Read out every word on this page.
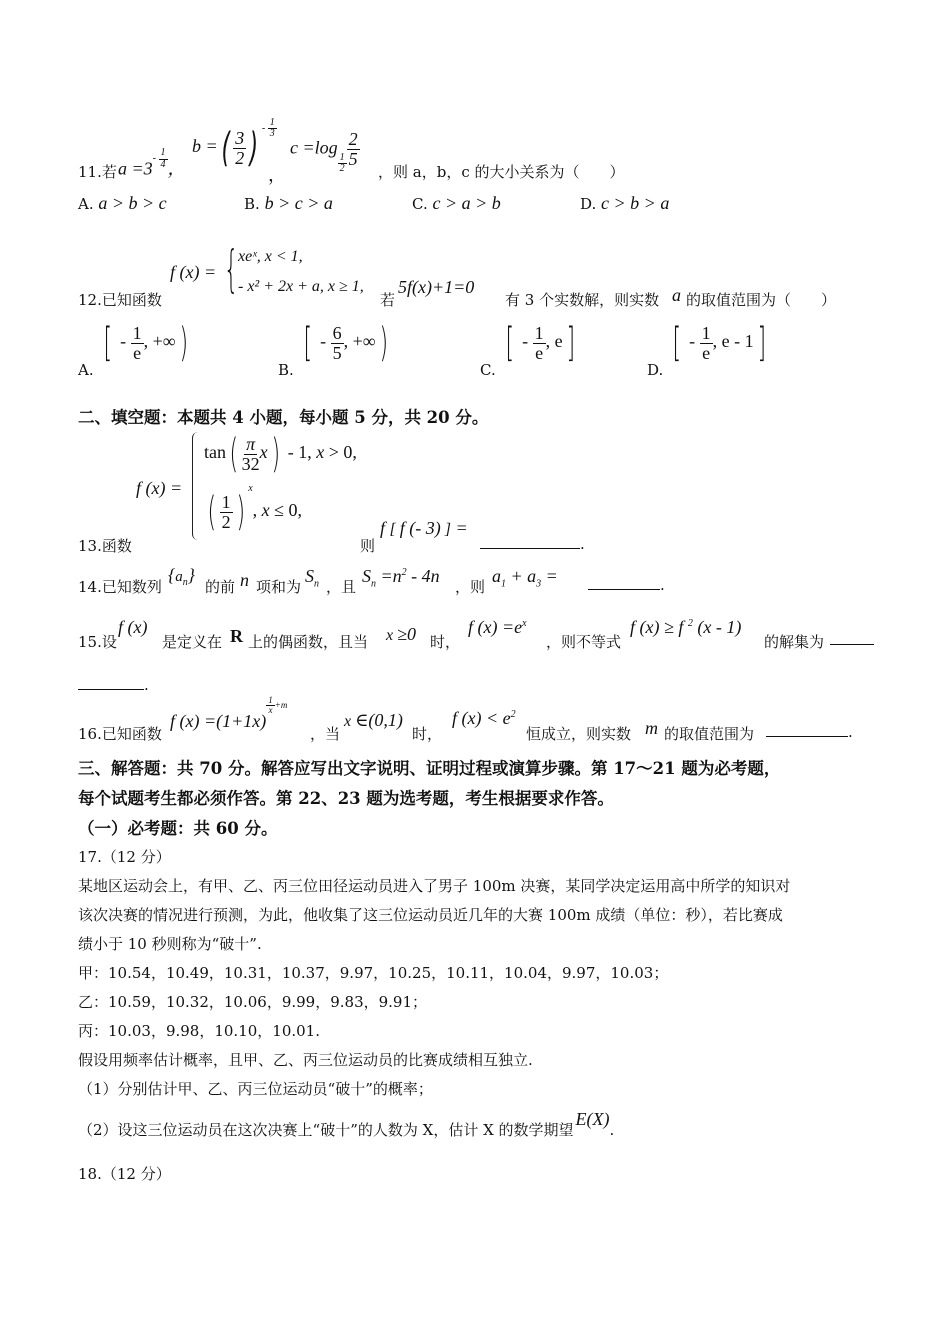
11.若 $a =3^{- \frac{1}{4}}$ ，
b =( $\frac{3}{2}$ ) $^{- \frac{1}{3}}$
，
c =log
$_{\frac{1}{2}} \frac{2}{5}$
，则 a，b，c 的大小关系为（　　）
A. a > b > c	B. b > c > a	C. c > a > b	D. c > b > a
12.已知函数
f (x) = { xeˣ, x < 1,
- x² + 2x + a, x ≥ 1,
若
5f(x)+1=0
有 3 个实数解，则实数 a 的取值范围为（　　）
A.
[ - $\frac{1}{e}$ , +∞)
B.
[ - $\frac{6}{5}$ , +∞)
C.
[ - $\frac{1}{e}$ , e]
D.
[ - $\frac{1}{e}$ , e - 1]
二、填空题：本题共 4 小题，每小题 5 分，共 20 分。
f (x) =
$\tan( \frac{\pi}{32} x) - 1$, x > 0,
( $\frac{1}{2} )^x$, x ≤ 0,
13.函数	则
f [ f (- 3) ] =
.
14.已知数列
$\{a_n\}$
的前 n 项和为
$S_n$ ，且
$S_n =n^2 - 4n$
，则
$a_1 + a_3$ =	.
15.设
f (x)
是定义在 R 上的偶函数，且当 x ≥0 时，
f $(x) =e^x$
，则不等式
f (x) ≥ f $^2$ (x - 1)
的解集为
.
16.已知函数
f (x) =(1+1x)
$^{\frac{1}{x} +m}$
，当
x ∈(0,1)
时，
f $(x) < e^2$
恒成立，则实数 m 的取值范围为	.
三、解答题：共 70 分。解答应写出文字说明、证明过程或演算步骤。第 17～21 题为必考题，
每个试题考生都必须作答。第 22、23 题为选考题，考生根据要求作答。
（一）必考题：共 60 分。
17.（12 分）
某地区运动会上，有甲、乙、丙三位田径运动员进入了男子 100m 决赛，某同学决定运用高中所学的知识对
该次决赛的情况进行预测，为此，他收集了这三位运动员近几年的大赛 100m 成绩（单位：秒），若比赛成
绩小于 10 秒则称为“破十”.
甲：10.54，10.49，10.31，10.37，9.97，10.25，10.11，10.04，9.97，10.03；
乙：10.59，10.32，10.06，9.99，9.83，9.91；
丙：10.03，9.98，10.10，10.01.
假设用频率估计概率，且甲、乙、丙三位运动员的比赛成绩相互独立.
（1）分别估计甲、乙、丙三位运动员“破十”的概率；
（2）设这三位运动员在这次决赛上“破十”的人数为 X，估计 X 的数学期望E(X).
18.（12 分）
